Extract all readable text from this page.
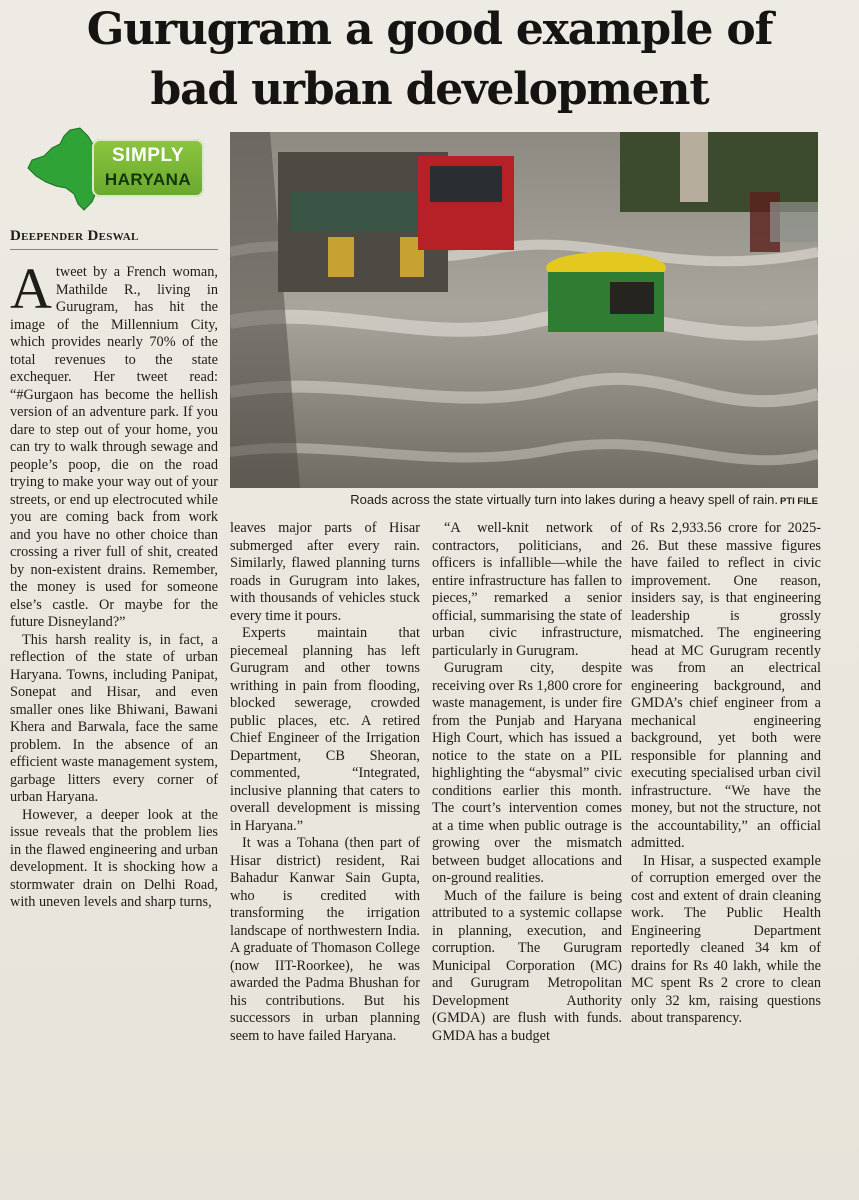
Gurugram a good example of
bad urban development
SIMPLY
HARYANA
Deepender Deswal
Roads across the state virtually turn into lakes during a heavy spell of rain. PTI FILE

Atweet by a French woman, Mathilde R., living in Gurugram, has hit the image of the Millennium City, which provides nearly 70% of the total revenues to the state exchequer. Her tweet read: “#Gurgaon has become the hellish version of an adventure park. If you dare to step out of your home, you can try to walk through sewage and people’s poop, die on the road trying to make your way out of your streets, or end up electrocuted while you are coming back from work and you have no other choice than crossing a river full of shit, created by non-existent drains. Remember, the money is used for someone else’s castle. Or maybe for the future Disneyland?”

This harsh reality is, in fact, a reflection of the state of urban Haryana. Towns, including Panipat, Sonepat and Hisar, and even smaller ones like Bhiwani, Bawani Khera and Barwala, face the same problem. In the absence of an efficient waste management system, garbage litters every corner of urban Haryana.

However, a deeper look at the issue reveals that the problem lies in the flawed engineering and urban development. It is shocking how a stormwater drain on Delhi Road, with uneven levels and sharp turns,

leaves major parts of Hisar submerged after every rain. Similarly, flawed planning turns roads in Gurugram into lakes, with thousands of vehicles stuck every time it pours.

Experts maintain that piecemeal planning has left Gurugram and other towns writhing in pain from flooding, blocked sewerage, crowded public places, etc. A retired Chief Engineer of the Irrigation Department, CB Sheoran, commented, “Integrated, inclusive planning that caters to overall development is missing in Haryana.”

It was a Tohana (then part of Hisar district) resident, Rai Bahadur Kanwar Sain Gupta, who is credited with transforming the irrigation landscape of northwestern India. A graduate of Thomason College (now IIT-Roorkee), he was awarded the Padma Bhushan for his contributions. But his successors in urban planning seem to have failed Haryana.

“A well-knit network of contractors, politicians, and officers is infallible—while the entire infrastructure has fallen to pieces,” remarked a senior official, summarising the state of urban civic infrastructure, particularly in Gurugram.

Gurugram city, despite receiving over Rs 1,800 crore for waste management, is under fire from the Punjab and Haryana High Court, which has issued a notice to the state on a PIL highlighting the “abysmal” civic conditions earlier this month. The court’s intervention comes at a time when public outrage is growing over the mismatch between budget allocations and on-ground realities.

Much of the failure is being attributed to a systemic collapse in planning, execution, and corruption. The Gurugram Municipal Corporation (MC) and Gurugram Metropolitan Development Authority (GMDA) are flush with funds. GMDA has a budget

of Rs 2,933.56 crore for 2025-26. But these massive figures have failed to reflect in civic improvement. One reason, insiders say, is that engineering leadership is grossly mismatched. The engineering head at MC Gurugram recently was from an electrical engineering background, and GMDA’s chief engineer from a mechanical engineering background, yet both were responsible for planning and executing specialised urban civil infrastructure. “We have the money, but not the structure, not the accountability,” an official admitted.

In Hisar, a suspected example of corruption emerged over the cost and extent of drain cleaning work. The Public Health Engineering Department reportedly cleaned 34 km of drains for Rs 40 lakh, while the MC spent Rs 2 crore to clean only 32 km, raising questions about transparency.
